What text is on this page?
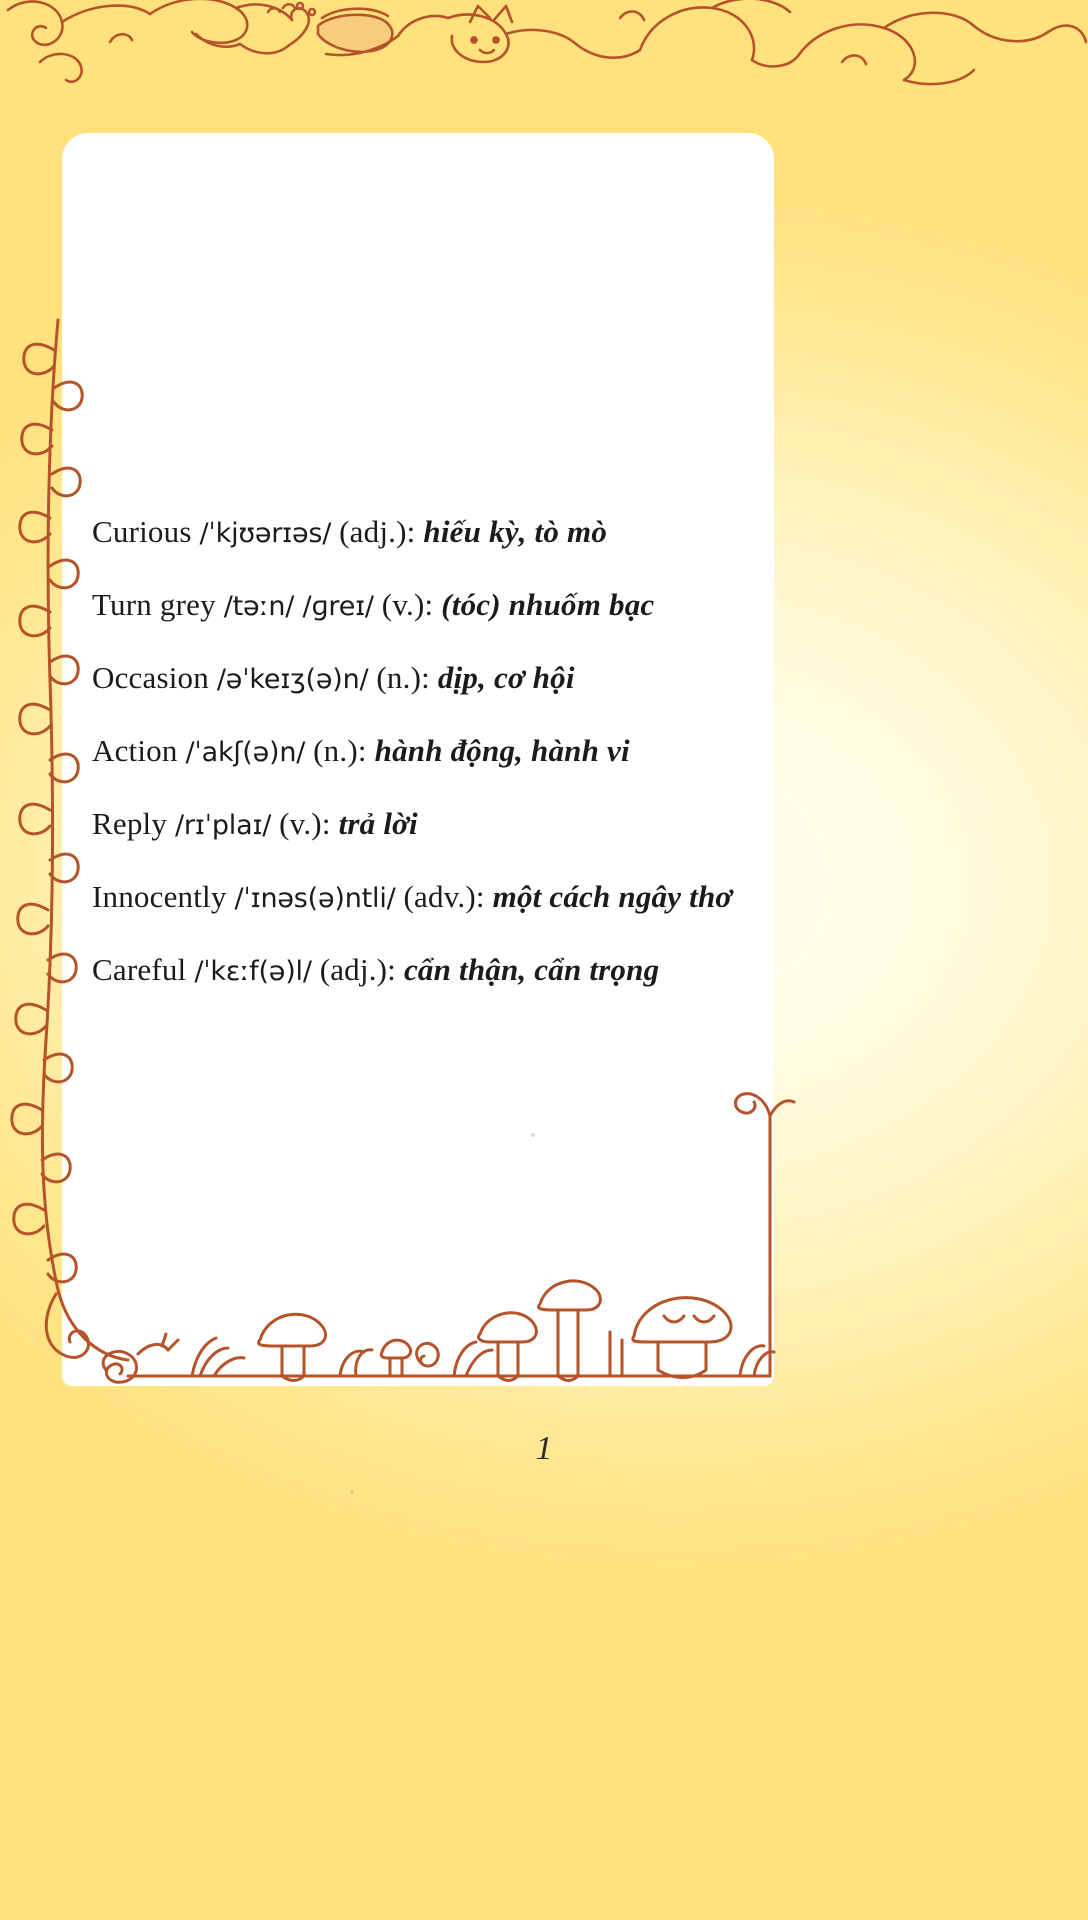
Curious /ˈkjʊərɪəs/ (adj.): hiếu kỳ, tò mò
Turn grey /təːn/ /ɡreɪ/ (v.): (tóc) nhuốm bạc
Occasion /əˈkeɪʒ(ə)n/ (n.): dịp, cơ hội
Action /ˈakʃ(ə)n/ (n.): hành động, hành vi
Reply /rɪˈplaɪ/ (v.): trả lời
Innocently /ˈɪnəs(ə)ntli/ (adv.): một cách ngây thơ
Careful /ˈkɛːf(ə)l/ (adj.): cẩn thận, cẩn trọng
1
